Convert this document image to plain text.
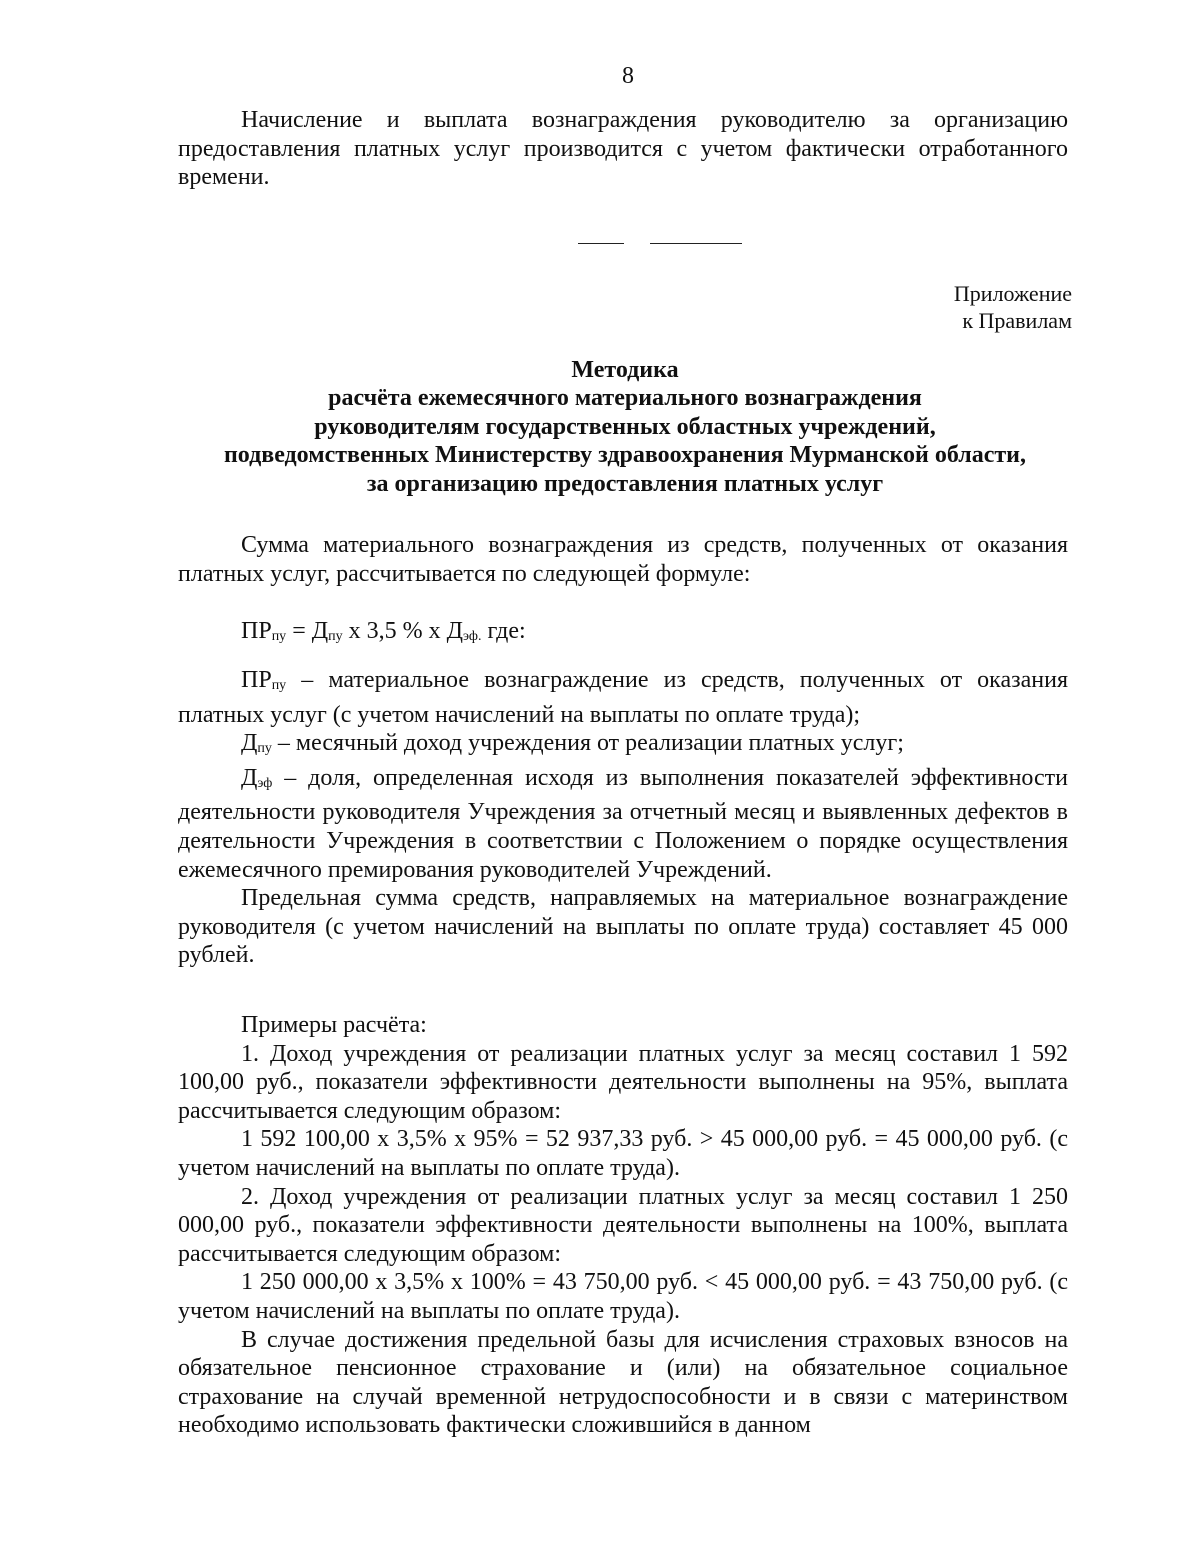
8

Начисление и выплата вознаграждения руководителю за организацию предоставления платных услуг производится с учетом фактически отработанного времени.

Приложение
к Правилам
Методика
расчёта ежемесячного материального вознаграждения
руководителям государственных областных учреждений,
подведомственных Министерству здравоохранения Мурманской области,
за организацию предоставления платных услуг

Сумма материального вознаграждения из средств, полученных от оказания платных услуг, рассчитывается по следующей формуле:

ПРпу = Дпу х 3,5 % х Дэф. где:

ПРпу – материальное вознаграждение из средств, полученных от оказания платных услуг (с учетом начислений на выплаты по оплате труда);

Дпу – месячный доход учреждения от реализации платных услуг;

Дэф – доля, определенная исходя из выполнения показателей эффективности деятельности руководителя Учреждения за отчетный месяц и выявленных дефектов в деятельности Учреждения в соответствии с Положением о порядке осуществления ежемесячного премирования руководителей Учреждений.

Предельная сумма средств, направляемых на материальное вознаграждение руководителя (с учетом начислений на выплаты по оплате труда) составляет 45 000 рублей.

Примеры расчёта:

1. Доход учреждения от реализации платных услуг за месяц составил 1 592 100,00 руб., показатели эффективности деятельности выполнены на 95%, выплата рассчитывается следующим образом:

1 592 100,00 х 3,5% х 95% = 52 937,33 руб. > 45 000,00 руб. = 45 000,00 руб. (с учетом начислений на выплаты по оплате труда).

2. Доход учреждения от реализации платных услуг за месяц составил 1 250 000,00 руб., показатели эффективности деятельности выполнены на 100%, выплата рассчитывается следующим образом:

1 250 000,00 х 3,5% х 100% = 43 750,00 руб. < 45 000,00 руб. = 43 750,00 руб. (с учетом начислений на выплаты по оплате труда).

В случае достижения предельной базы для исчисления страховых взносов на обязательное пенсионное страхование и (или) на обязательное социальное страхование на случай временной нетрудоспособности и в связи с материнством необходимо использовать фактически сложившийся в данном
